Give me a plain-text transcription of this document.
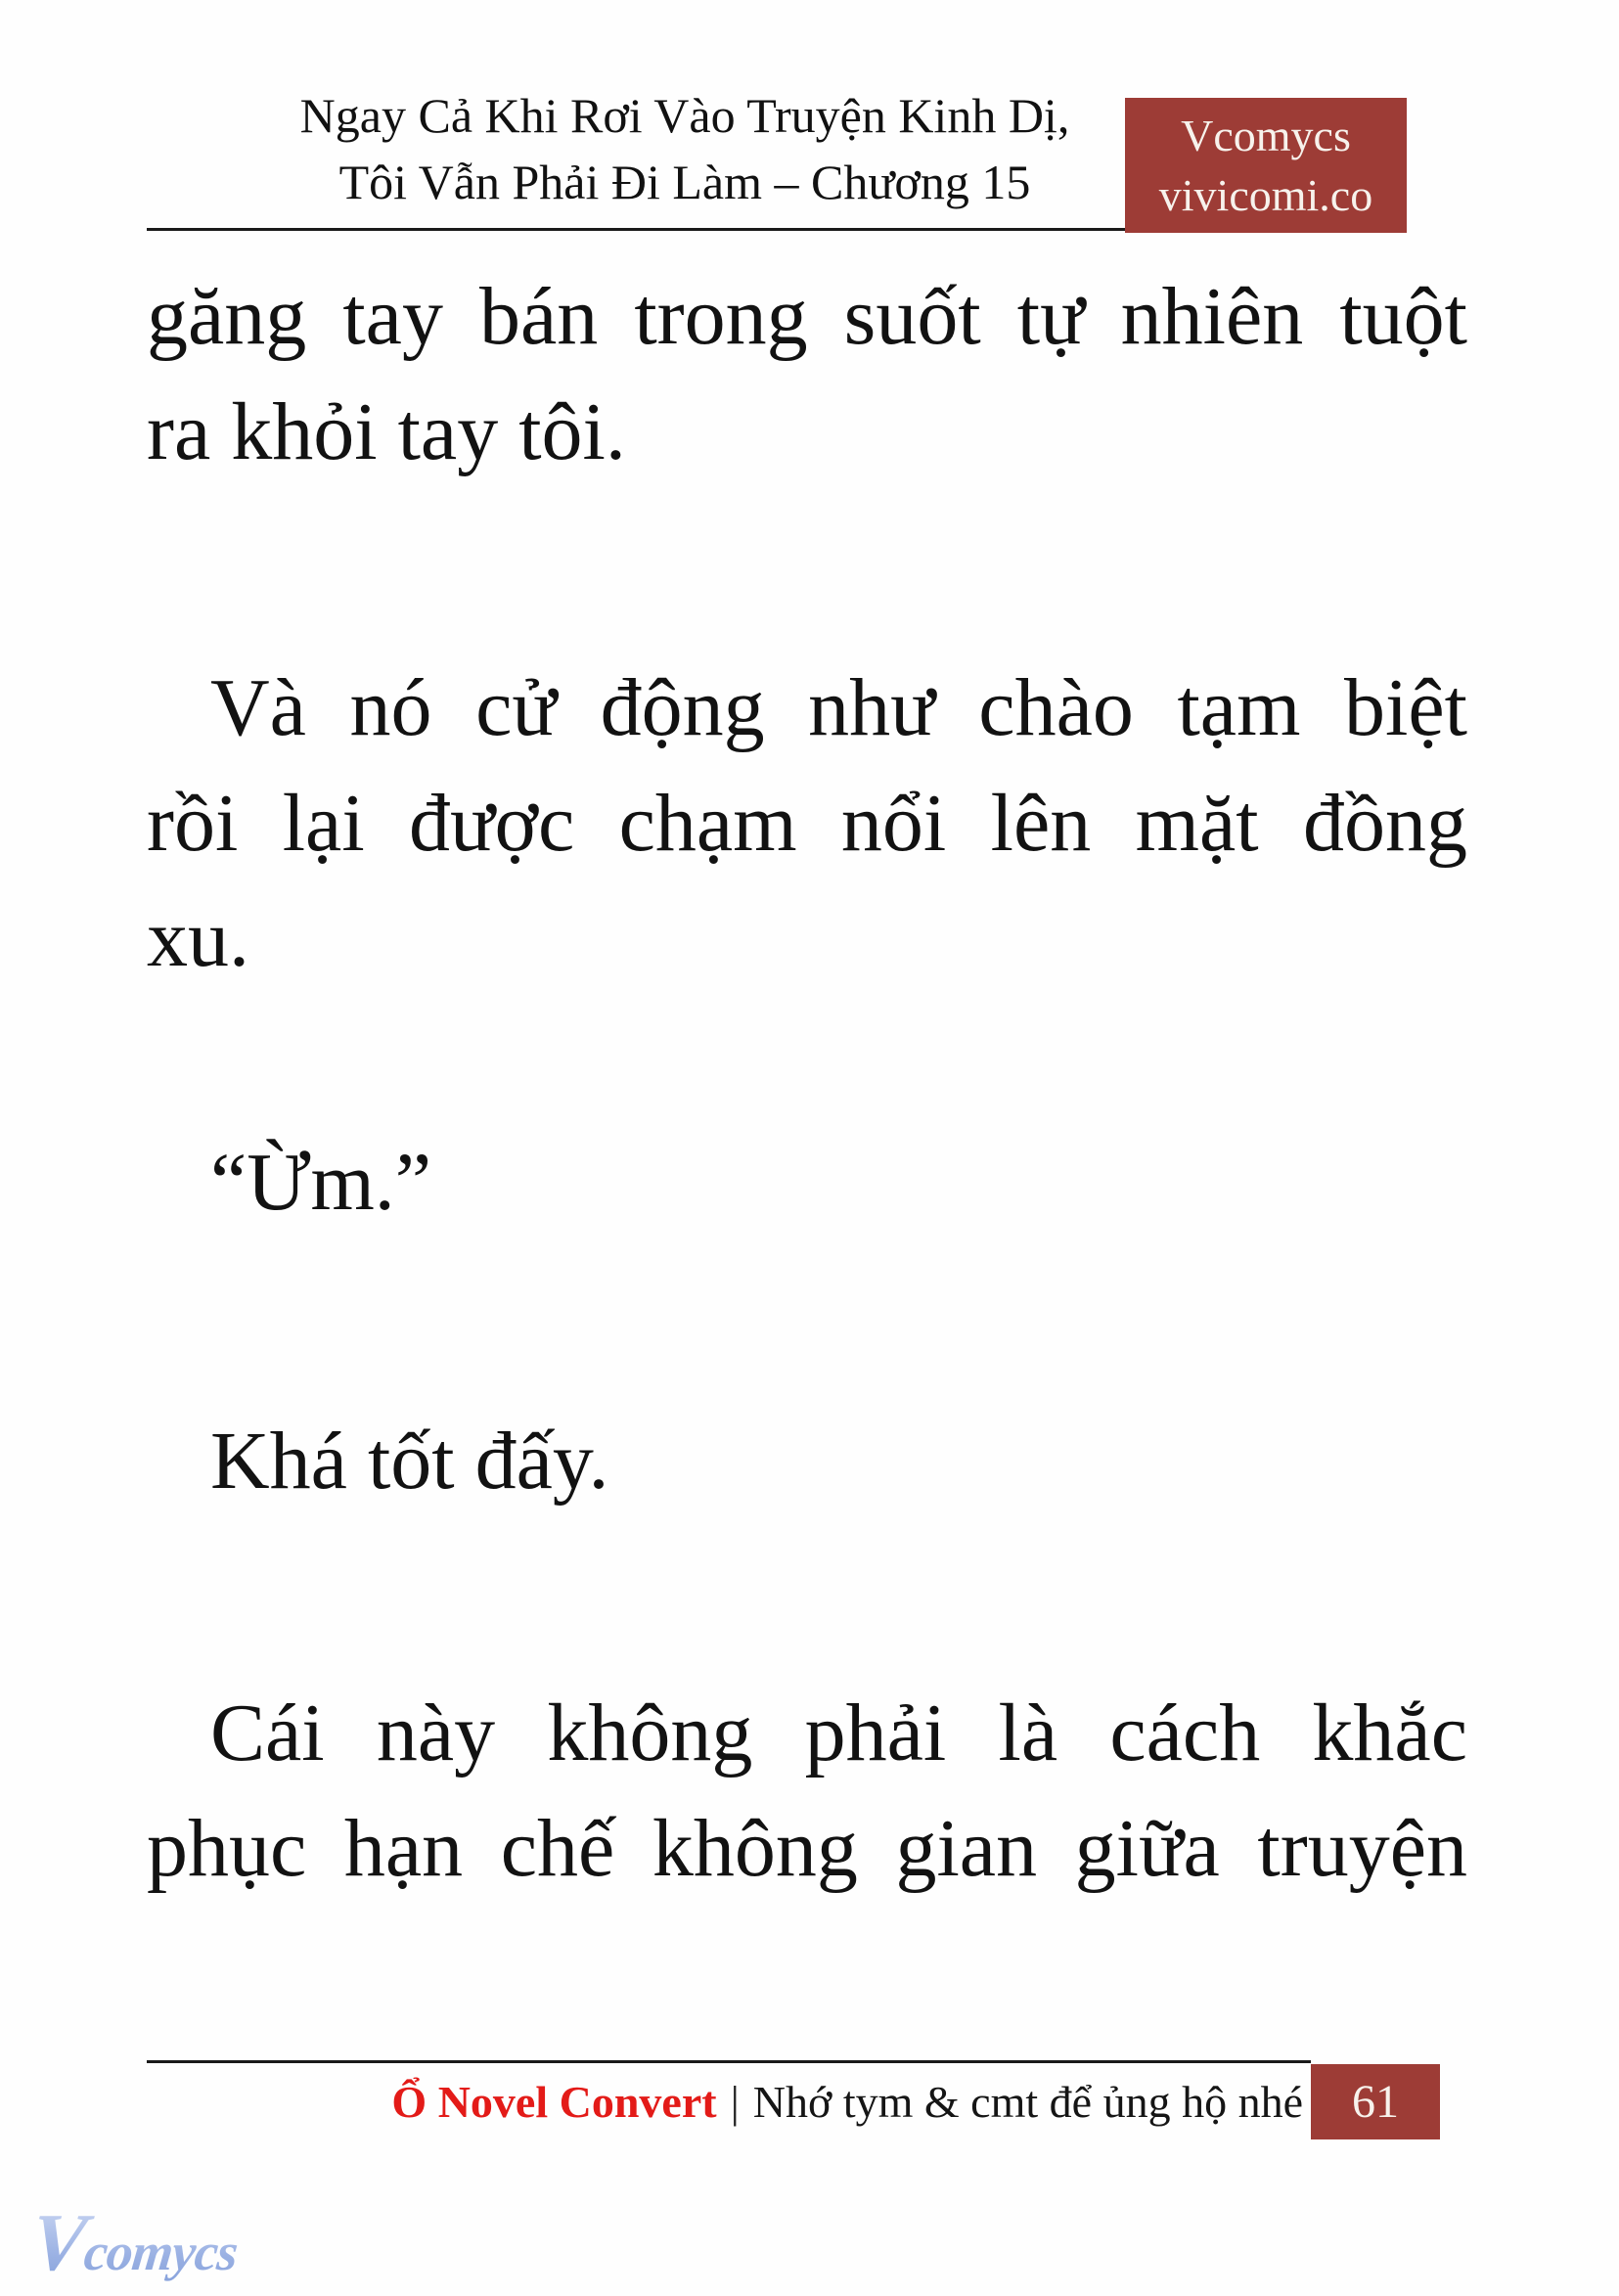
Ngay Cả Khi Rơi Vào Truyện Kinh Dị,
Tôi Vẫn Phải Đi Làm – Chương 15
Vcomycs
vivicomi.co
găng tay bán trong suốt tự nhiên tuột
ra khỏi tay tôi.
Và nó cử động như chào tạm biệt
rồi lại được chạm nổi lên mặt đồng
xu.
“Ừm.”
Khá tốt đấy.
Cái này không phải là cách khắc
phục hạn chế không gian giữa truyện
Ổ Novel Convert | Nhớ tym & cmt để ủng hộ nhé 61
Vcomycs
